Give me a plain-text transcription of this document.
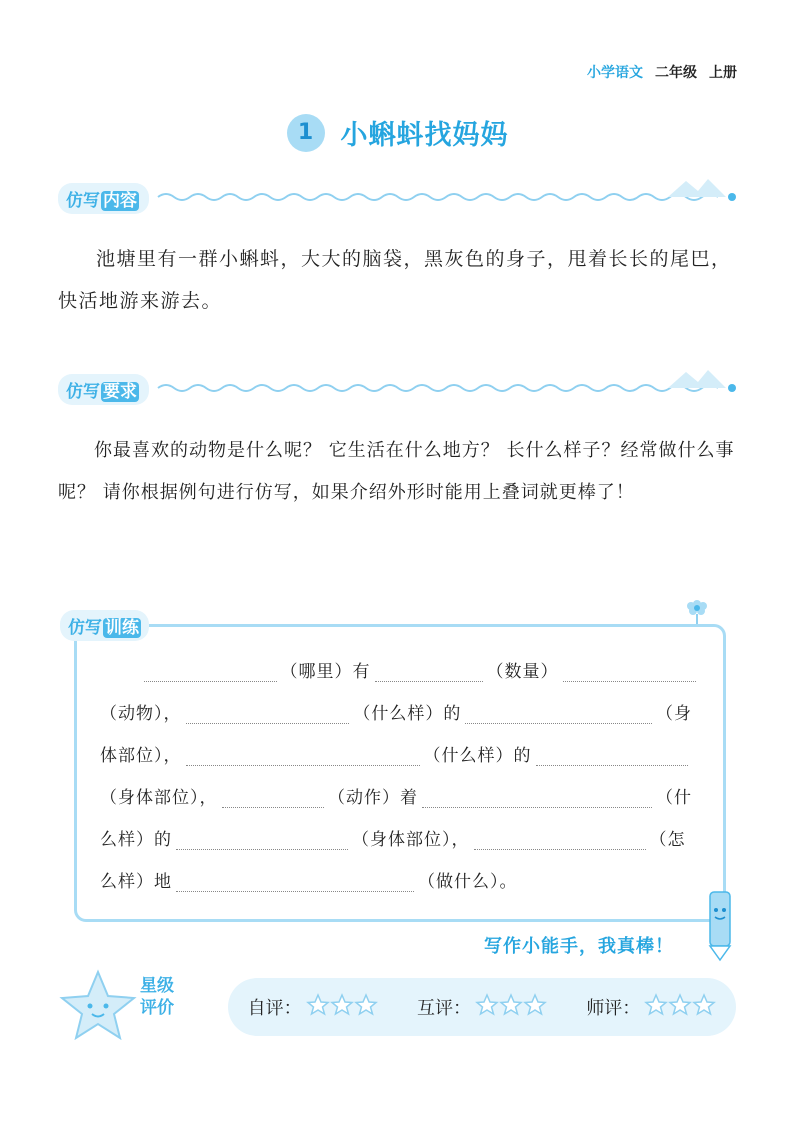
小学语文 二年级 上册
1	小蝌蚪找妈妈
仿写 内容
池塘里有一群小蝌蚪，大大的脑袋，黑灰色的身子，甩着长长的尾巴，快活地游来游去。
仿写 要求
你最喜欢的动物是什么呢？ 它生活在什么地方？ 长什么样子？经常做什么事呢？ 请你根据例句进行仿写，如果介绍外形时能用上叠词就更棒了！
仿写 训练
（哪里）有	（数量）
（动物），	（什么样）的	（身
体部位），	（什么样）的
（身体部位），	（动作）着	（什
么样）的	（身体部位），	（怎
么样）地	（做什么）。
写作小能手，我真棒！
星级
评价	自评：	互评：	师评：
